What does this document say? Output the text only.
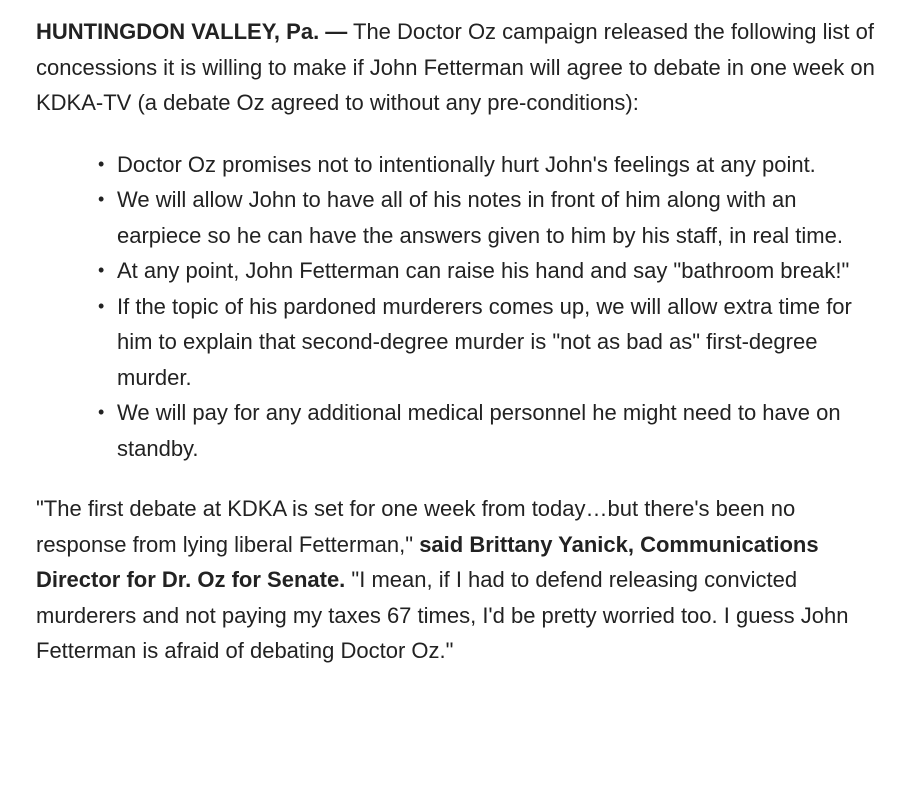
HUNTINGDON VALLEY, Pa. — The Doctor Oz campaign released the following list of concessions it is willing to make if John Fetterman will agree to debate in one week on KDKA-TV (a debate Oz agreed to without any pre-conditions):

• Doctor Oz promises not to intentionally hurt John's feelings at any point.
• We will allow John to have all of his notes in front of him along with an earpiece so he can have the answers given to him by his staff, in real time.
• At any point, John Fetterman can raise his hand and say "bathroom break!"
• If the topic of his pardoned murderers comes up, we will allow extra time for him to explain that second-degree murder is "not as bad as" first-degree murder.
• We will pay for any additional medical personnel he might need to have on standby.

"The first debate at KDKA is set for one week from today…but there's been no response from lying liberal Fetterman," said Brittany Yanick, Communications Director for Dr. Oz for Senate. "I mean, if I had to defend releasing convicted murderers and not paying my taxes 67 times, I'd be pretty worried too. I guess John Fetterman is afraid of debating Doctor Oz."
